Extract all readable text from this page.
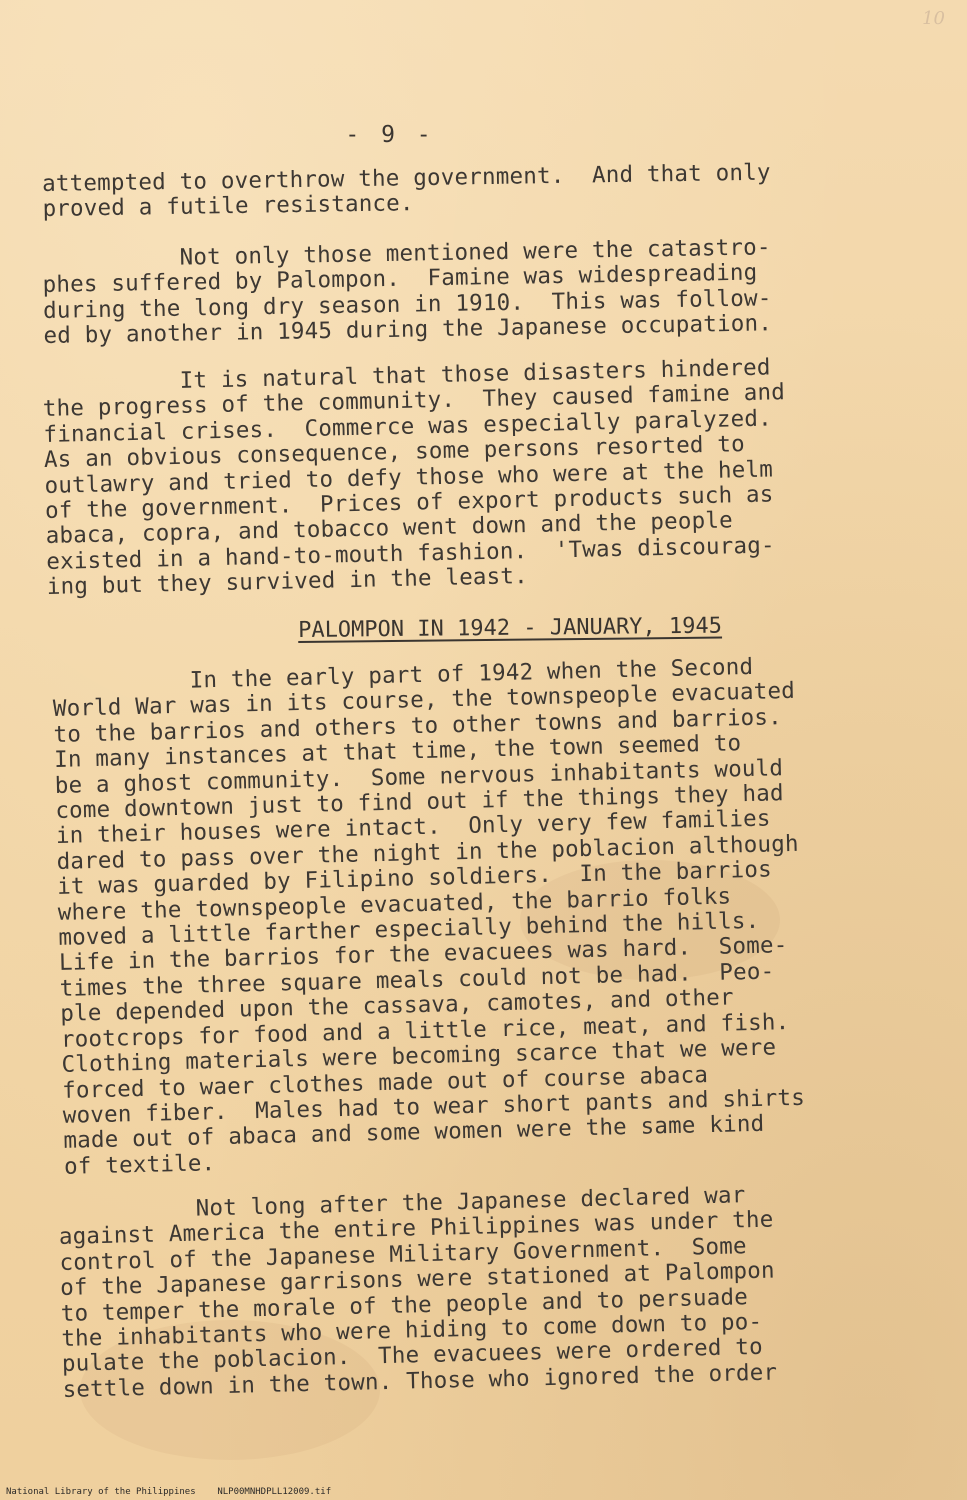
10
- 9 -
attempted to overthrow the government.  And that only
proved a futile resistance.
Not only those mentioned were the catastro-
phes suffered by Palompon.  Famine was widespreading
during the long dry season in 1910.  This was follow-
ed by another in 1945 during the Japanese occupation.
It is natural that those disasters hindered
the progress of the community.  They caused famine and
financial crises.  Commerce was especially paralyzed.
As an obvious consequence, some persons resorted to
outlawry and tried to defy those who were at the helm
of the government.  Prices of export products such as
abaca, copra, and tobacco went down and the people
existed in a hand-to-mouth fashion.  'Twas discourag-
ing but they survived in the least.
PALOMPON IN 1942 - JANUARY, 1945
In the early part of 1942 when the Second
World War was in its course, the townspeople evacuated
to the barrios and others to other towns and barrios.
In many instances at that time, the town seemed to
be a ghost community.  Some nervous inhabitants would
come downtown just to find out if the things they had
in their houses were intact.  Only very few families
dared to pass over the night in the poblacion although
it was guarded by Filipino soldiers.  In the barrios
where the townspeople evacuated, the barrio folks
moved a little farther especially behind the hills.
Life in the barrios for the evacuees was hard.  Some-
times the three square meals could not be had.  Peo-
ple depended upon the cassava, camotes, and other
rootcrops for food and a little rice, meat, and fish.
Clothing materials were becoming scarce that we were
forced to waer clothes made out of course abaca
woven fiber.  Males had to wear short pants and shirts
made out of abaca and some women were the same kind
of textile.
Not long after the Japanese declared war
against America the entire Philippines was under the
control of the Japanese Military Government.  Some
of the Japanese garrisons were stationed at Palompon
to temper the morale of the people and to persuade
the inhabitants who were hiding to come down to po-
pulate the poblacion.  The evacuees were ordered to
settle down in the town. Those who ignored the order
National Library of the Philippines    NLP00MNHDPLL12009.tif
